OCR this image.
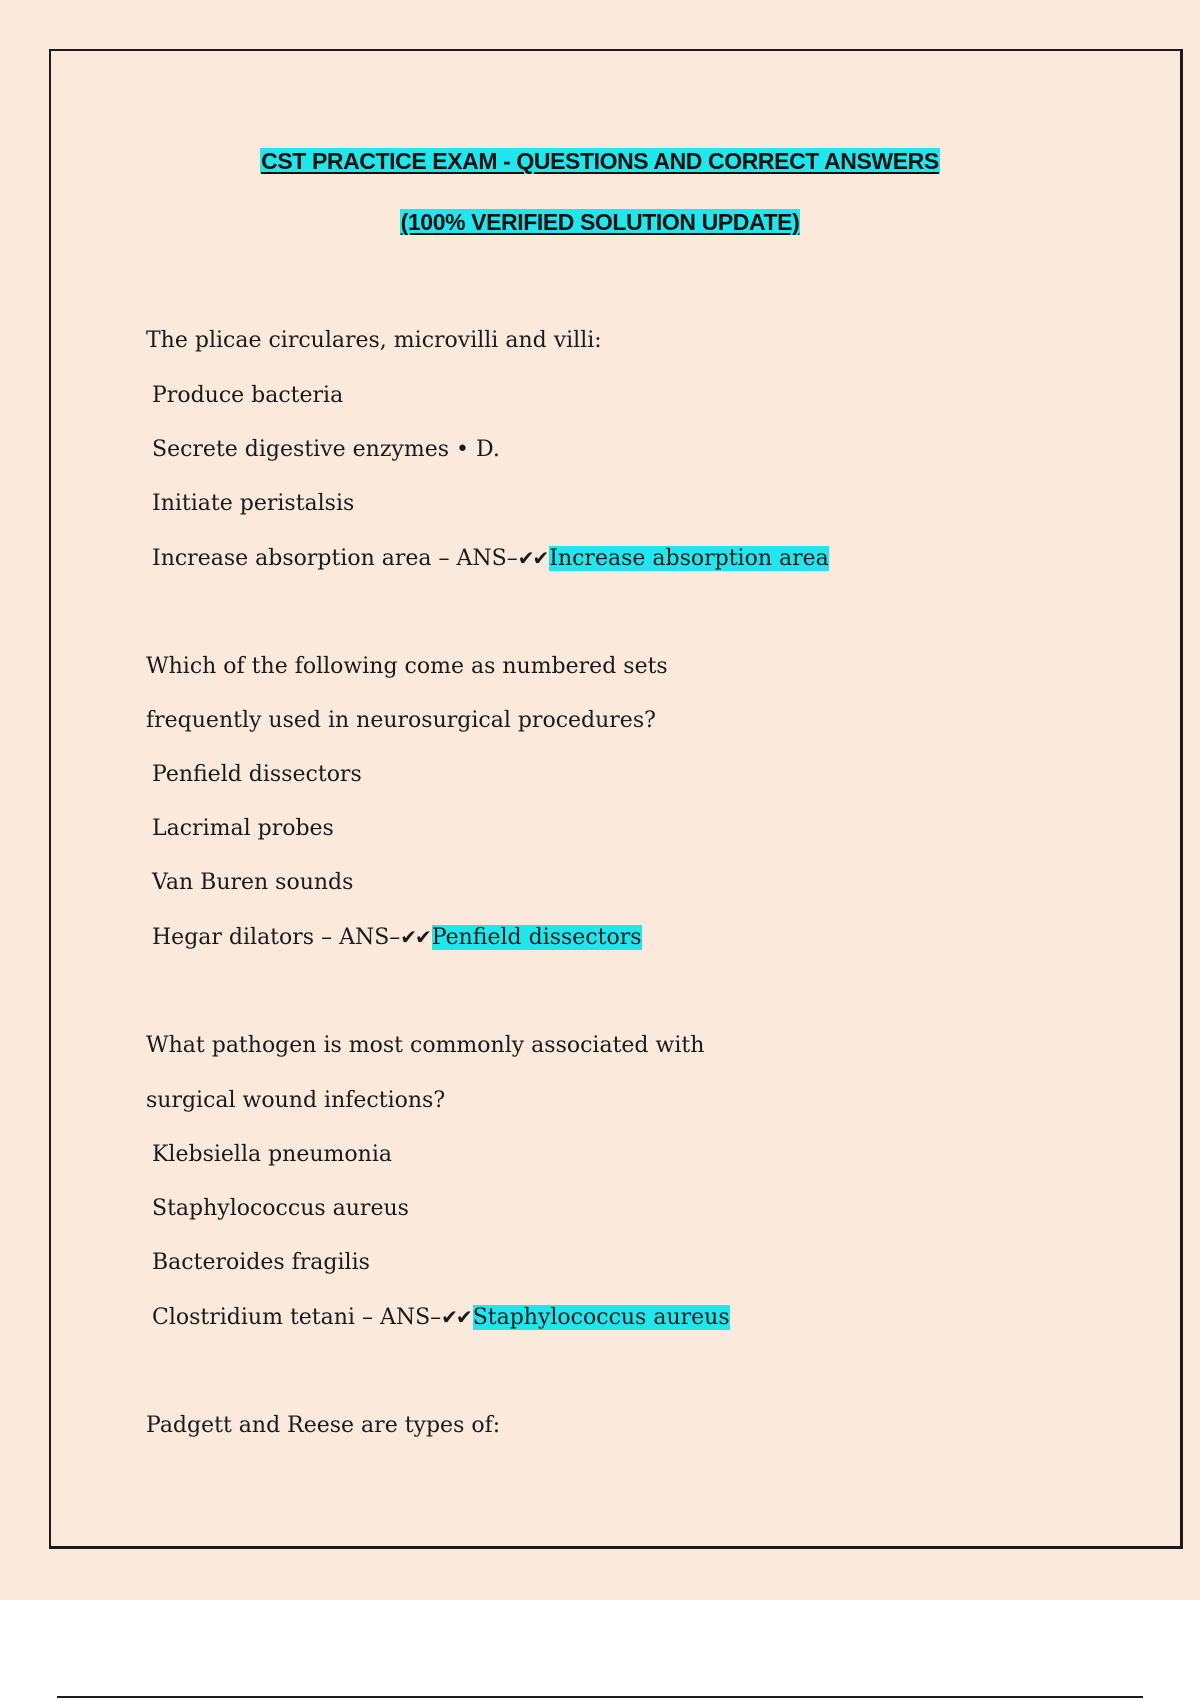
CST PRACTICE EXAM - QUESTIONS AND CORRECT ANSWERS
(100% VERIFIED SOLUTION UPDATE)
The plicae circulares, microvilli and villi:
Produce bacteria
Secrete digestive enzymes • D.
Initiate peristalsis
Increase absorption area – ANS–✔✔Increase absorption area
Which of the following come as numbered sets
frequently used in neurosurgical procedures?
Penfield dissectors
Lacrimal probes
Van Buren sounds
Hegar dilators – ANS–✔✔Penfield dissectors
What pathogen is most commonly associated with
surgical wound infections?
Klebsiella pneumonia
Staphylococcus aureus
Bacteroides fragilis
Clostridium tetani – ANS–✔✔Staphylococcus aureus
Padgett and Reese are types of:
